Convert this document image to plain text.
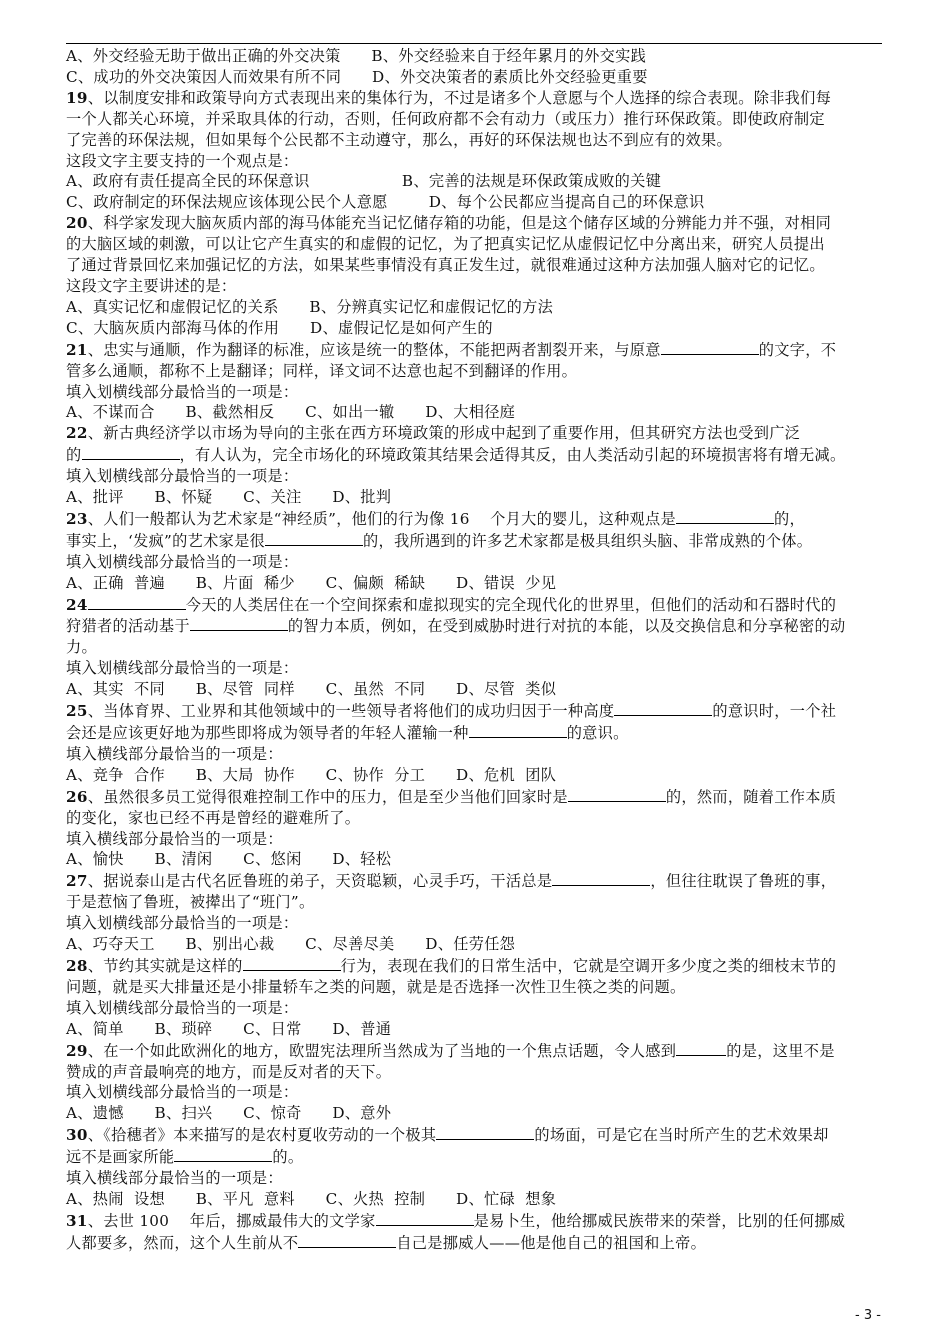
A、外交经验无助于做出正确的外交决策      B、外交经验来自于经年累月的外交实践
C、成功的外交决策因人而效果有所不同      D、外交决策者的素质比外交经验更重要
19、以制度安排和政策导向方式表现出来的集体行为，不过是诸多个人意愿与个人选择的综合表现。除非我们每
一个人都关心环境，并采取具体的行动，否则，任何政府都不会有动力（或压力）推行环保政策。即使政府制定
了完善的环保法规，但如果每个公民都不主动遵守，那么，再好的环保法规也达不到应有的效果。
这段文字主要支持的一个观点是：
A、政府有责任提高全民的环保意识                  B、完善的法规是环保政策成败的关键
C、政府制定的环保法规应该体现公民个人意愿        D、每个公民都应当提高自己的环保意识
20、科学家发现大脑灰质内部的海马体能充当记忆储存箱的功能，但是这个储存区域的分辨能力并不强，对相同
的大脑区域的刺激，可以让它产生真实的和虚假的记忆，为了把真实记忆从虚假记忆中分离出来，研究人员提出
了通过背景回忆来加强记忆的方法，如果某些事情没有真正发生过，就很难通过这种方法加强人脑对它的记忆。
这段文字主要讲述的是：
A、真实记忆和虚假记忆的关系      B、分辨真实记忆和虚假记忆的方法
C、大脑灰质内部海马体的作用      D、虚假记忆是如何产生的
21、忠实与通顺，作为翻译的标准，应该是统一的整体，不能把两者割裂开来，与原意	的文字，不
管多么通顺，都称不上是翻译；同样，译文词不达意也起不到翻译的作用。
填入划横线部分最恰当的一项是：
A、不谋而合      B、截然相反      C、如出一辙      D、大相径庭
22、新古典经济学以市场为导向的主张在西方环境政策的形成中起到了重要作用，但其研究方法也受到广泛
的	，有人认为，完全市场化的环境政策其结果会适得其反，由人类活动引起的环境损害将有增无减。
填入划横线部分最恰当的一项是：
A、批评      B、怀疑      C、关注      D、批判
23、人们一般都认为艺术家是“神经质”，他们的行为像 16    个月大的婴儿，这种观点是	的，
事实上，‘发疯”的艺术家是很	的，我所遇到的许多艺术家都是极具组织头脑、非常成熟的个体。
填入划横线部分最恰当的一项是：
A、正确  普遍      B、片面  稀少      C、偏颇  稀缺      D、错误  少见
24	今天的人类居住在一个空间探索和虚拟现实的完全现代化的世界里，但他们的活动和石器时代的
狩猎者的活动基于	的智力本质，例如，在受到威胁时进行对抗的本能，以及交换信息和分享秘密的动
力。
填入划横线部分最恰当的一项是：
A、其实  不同      B、尽管  同样      C、虽然  不同      D、尽管  类似
25、当体育界、工业界和其他领域中的一些领导者将他们的成功归因于一种高度	的意识时，一个社
会还是应该更好地为那些即将成为领导者的年轻人灌输一种	的意识。
填入横线部分最恰当的一项是：
A、竞争  合作      B、大局  协作      C、协作  分工      D、危机  团队
26、虽然很多员工觉得很难控制工作中的压力，但是至少当他们回家时是	的，然而，随着工作本质
的变化，家也已经不再是曾经的避难所了。
填入横线部分最恰当的一项是：
A、愉快      B、清闲      C、悠闲      D、轻松
27、据说泰山是古代名匠鲁班的弟子，天资聪颖，心灵手巧，干活总是	，但往往耽误了鲁班的事，
于是惹恼了鲁班，被撵出了“班门”。
填入划横线部分最恰当的一项是：
A、巧夺天工      B、别出心裁      C、尽善尽美      D、任劳任怨
28、节约其实就是这样的	行为，表现在我们的日常生活中，它就是空调开多少度之类的细枝末节的
问题，就是买大排量还是小排量轿车之类的问题，就是是否选择一次性卫生筷之类的问题。
填入划横线部分最恰当的一项是：
A、简单      B、琐碎      C、日常      D、普通
29、在一个如此欧洲化的地方，欧盟宪法理所当然成为了当地的一个焦点话题，令人感到	的是，这里不是
赞成的声音最响亮的地方，而是反对者的天下。
填入划横线部分最恰当的一项是：
A、遗憾      B、扫兴      C、惊奇      D、意外
30、《拾穗者》本来描写的是农村夏收劳动的一个极其	的场面，可是它在当时所产生的艺术效果却
远不是画家所能	的。
填入横线部分最恰当的一项是：
A、热闹  设想      B、平凡  意料      C、火热  控制      D、忙碌  想象
31、去世 100    年后，挪威最伟大的文学家	是易卜生，他给挪威民族带来的荣誉，比别的任何挪威
人都要多，然而，这个人生前从不	自己是挪威人——他是他自己的祖国和上帝。
- 3 -
